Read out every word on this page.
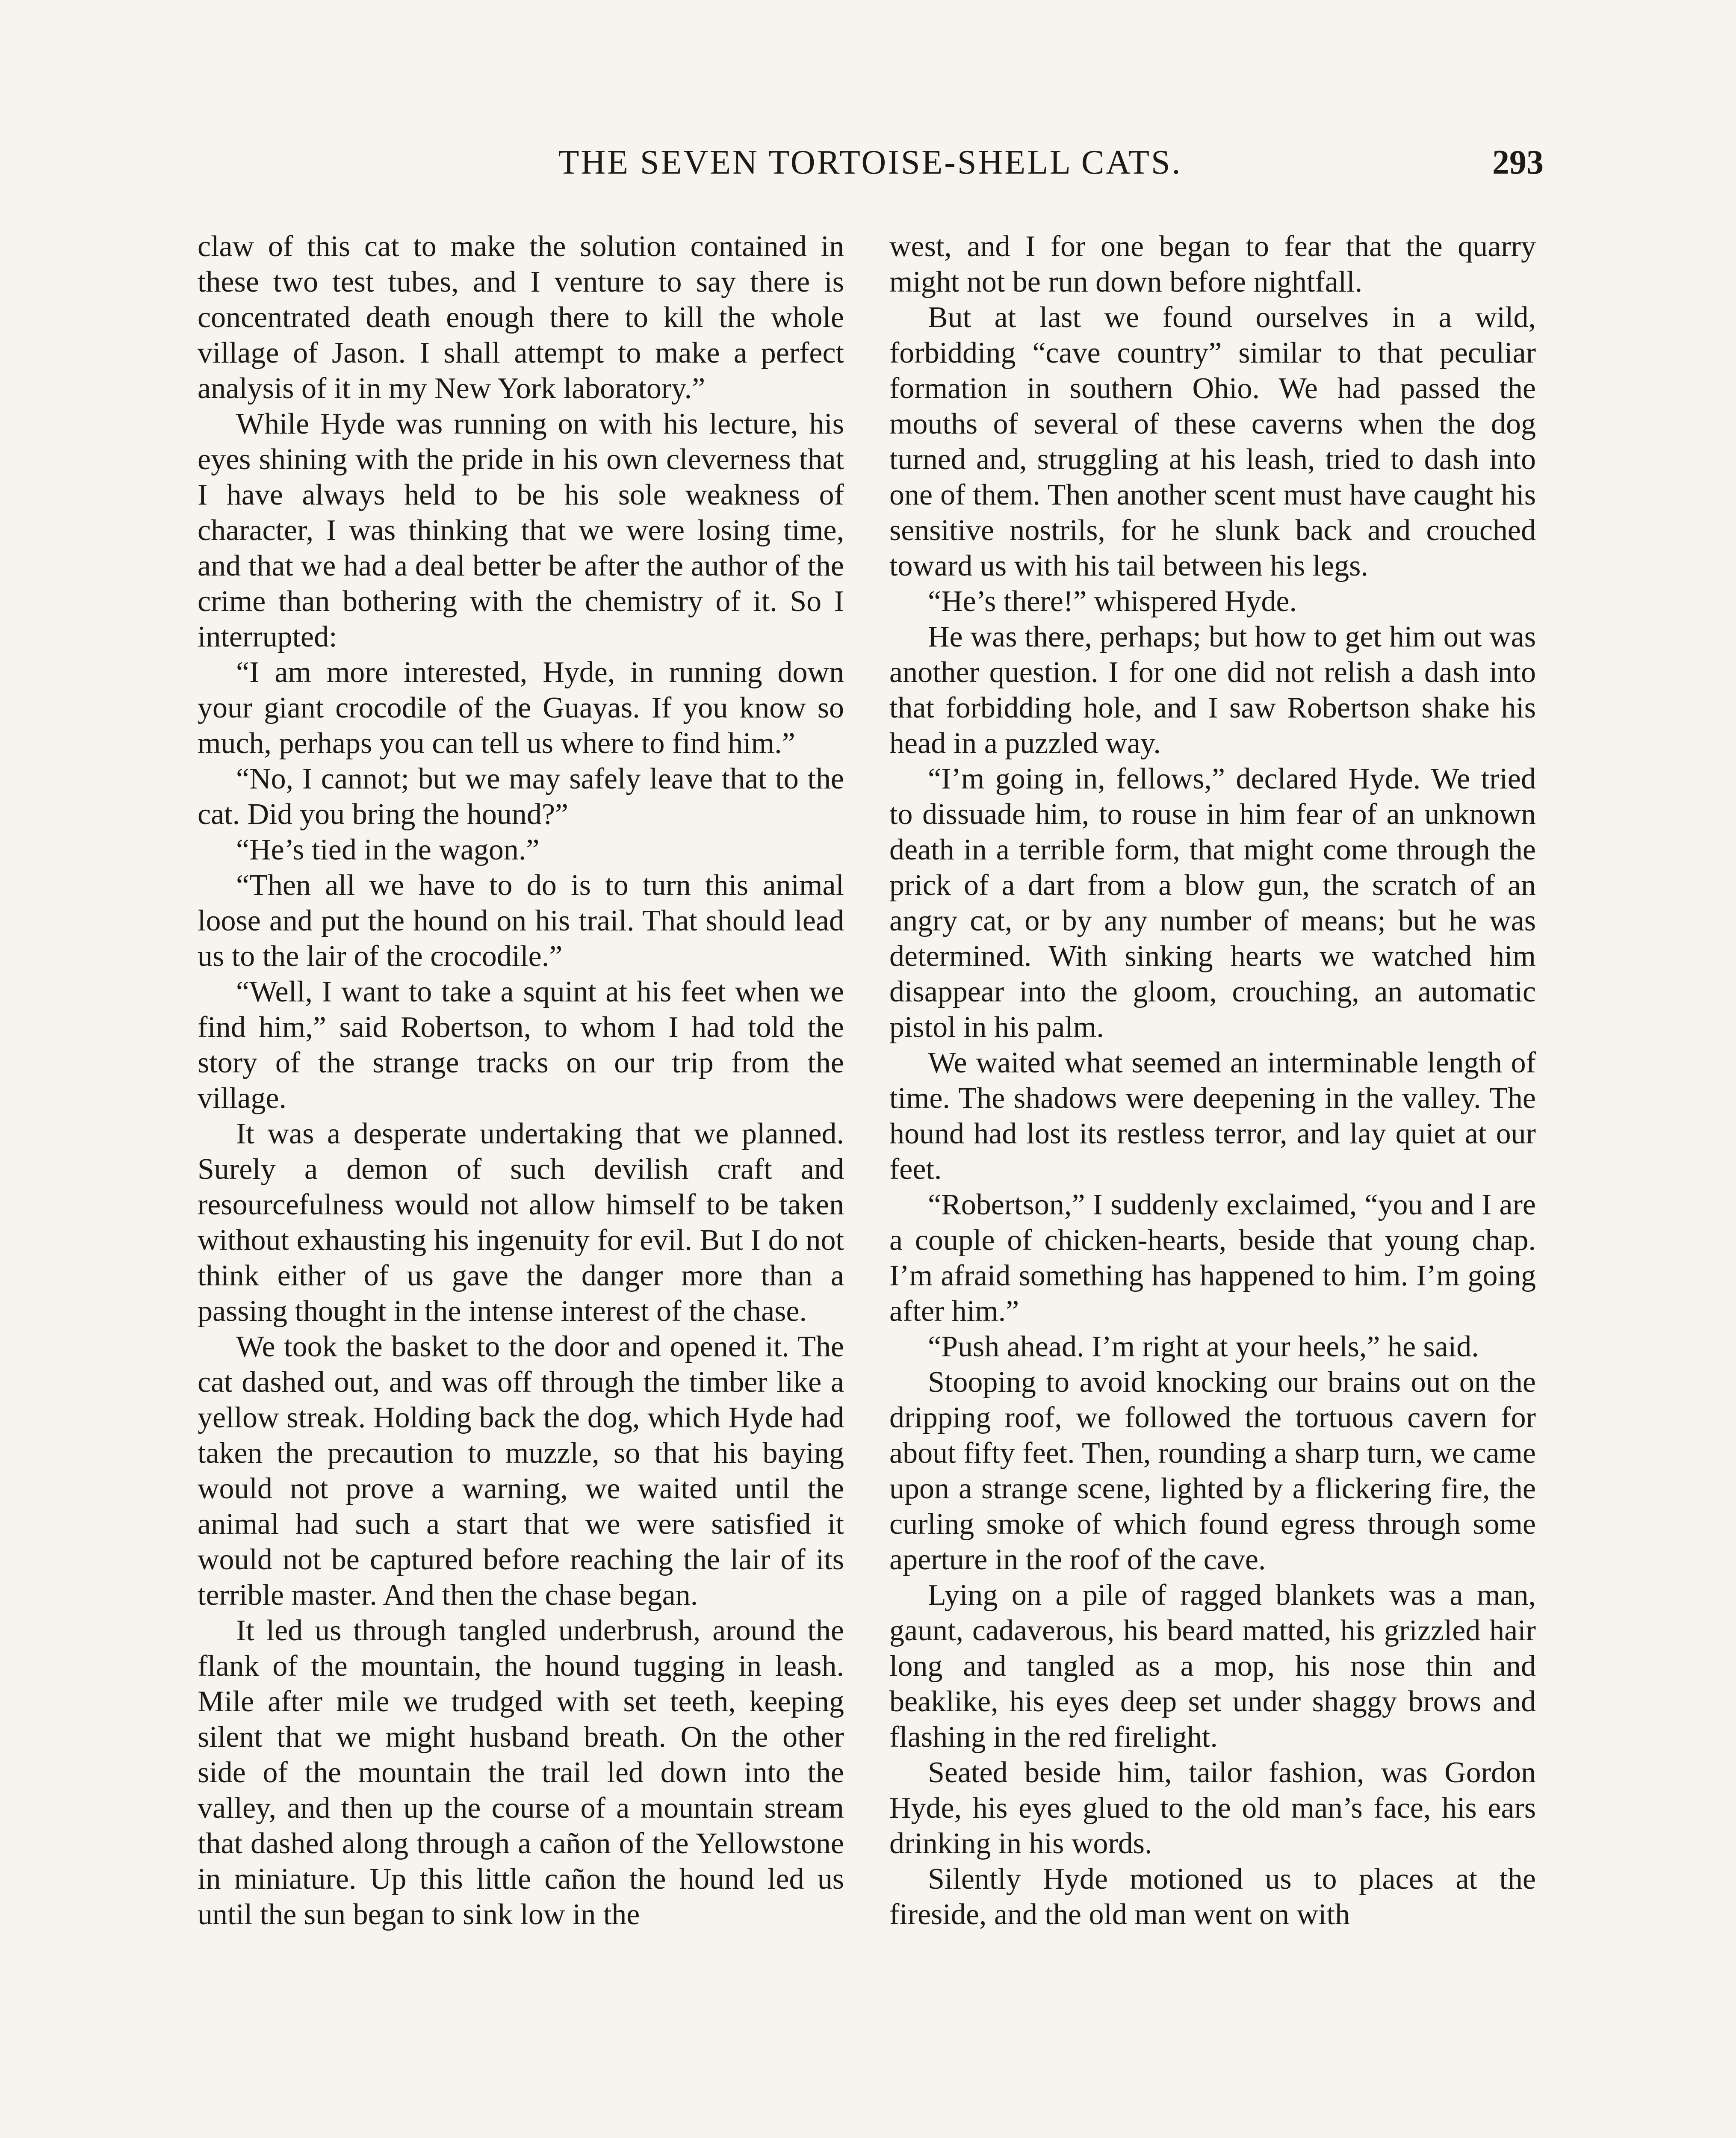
THE SEVEN TORTOISE-SHELL CATS.	293

claw of this cat to make the solution contained in these two test tubes, and I venture to say there is concentrated death enough there to kill the whole village of Jason. I shall attempt to make a perfect analysis of it in my New York laboratory.”

While Hyde was running on with his lecture, his eyes shining with the pride in his own cleverness that I have always held to be his sole weakness of character, I was thinking that we were losing time, and that we had a deal better be after the author of the crime than bothering with the chemistry of it. So I interrupted:

“I am more interested, Hyde, in running down your giant crocodile of the Guayas. If you know so much, perhaps you can tell us where to find him.”

“No, I cannot; but we may safely leave that to the cat. Did you bring the hound?”

“He’s tied in the wagon.”

“Then all we have to do is to turn this animal loose and put the hound on his trail. That should lead us to the lair of the crocodile.”

“Well, I want to take a squint at his feet when we find him,” said Robertson, to whom I had told the story of the strange tracks on our trip from the village.

It was a desperate undertaking that we planned. Surely a demon of such devilish craft and resourcefulness would not allow himself to be taken without exhausting his ingenuity for evil. But I do not think either of us gave the danger more than a passing thought in the intense interest of the chase.

We took the basket to the door and opened it. The cat dashed out, and was off through the timber like a yellow streak. Holding back the dog, which Hyde had taken the precaution to muzzle, so that his baying would not prove a warning, we waited until the animal had such a start that we were satisfied it would not be captured before reaching the lair of its terrible master. And then the chase began.

It led us through tangled underbrush, around the flank of the mountain, the hound tugging in leash. Mile after mile we trudged with set teeth, keeping silent that we might husband breath. On the other side of the mountain the trail led down into the valley, and then up the course of a mountain stream that dashed along through a cañon of the Yellowstone in miniature. Up this little cañon the hound led us until the sun began to sink low in the

west, and I for one began to fear that the quarry might not be run down before nightfall.

But at last we found ourselves in a wild, forbidding “cave country” similar to that peculiar formation in southern Ohio. We had passed the mouths of several of these caverns when the dog turned and, struggling at his leash, tried to dash into one of them. Then another scent must have caught his sensitive nostrils, for he slunk back and crouched toward us with his tail between his legs.

“He’s there!” whispered Hyde.

He was there, perhaps; but how to get him out was another question. I for one did not relish a dash into that forbidding hole, and I saw Robertson shake his head in a puzzled way.

“I’m going in, fellows,” declared Hyde. We tried to dissuade him, to rouse in him fear of an unknown death in a terrible form, that might come through the prick of a dart from a blow gun, the scratch of an angry cat, or by any number of means; but he was determined. With sinking hearts we watched him disappear into the gloom, crouching, an automatic pistol in his palm.

We waited what seemed an interminable length of time. The shadows were deepening in the valley. The hound had lost its restless terror, and lay quiet at our feet.

“Robertson,” I suddenly exclaimed, “you and I are a couple of chicken-hearts, beside that young chap. I’m afraid something has happened to him. I’m going after him.”

“Push ahead. I’m right at your heels,” he said.

Stooping to avoid knocking our brains out on the dripping roof, we followed the tortuous cavern for about fifty feet. Then, rounding a sharp turn, we came upon a strange scene, lighted by a flickering fire, the curling smoke of which found egress through some aperture in the roof of the cave.

Lying on a pile of ragged blankets was a man, gaunt, cadaverous, his beard matted, his grizzled hair long and tangled as a mop, his nose thin and beaklike, his eyes deep set under shaggy brows and flashing in the red firelight.

Seated beside him, tailor fashion, was Gordon Hyde, his eyes glued to the old man’s face, his ears drinking in his words.

Silently Hyde motioned us to places at the fireside, and the old man went on with
